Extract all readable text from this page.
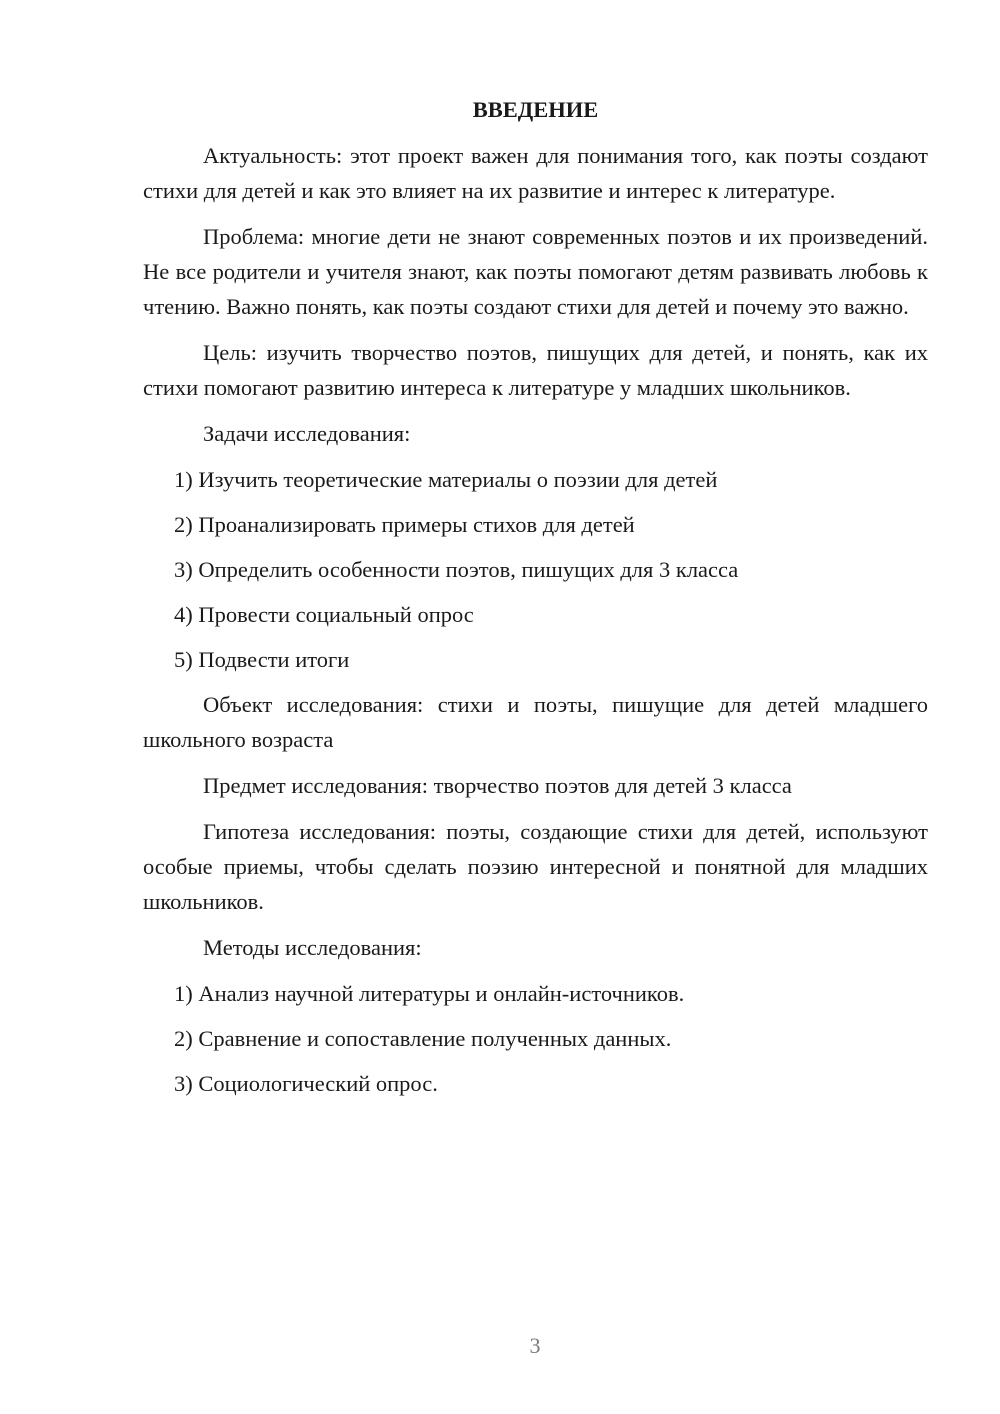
ВВЕДЕНИЕ

Актуальность: этот проект важен для понимания того, как поэты создают стихи для детей и как это влияет на их развитие и интерес к литературе.

Проблема: многие дети не знают современных поэтов и их произведений. Не все родители и учителя знают, как поэты помогают детям развивать любовь к чтению. Важно понять, как поэты создают стихи для детей и почему это важно.

Цель: изучить творчество поэтов, пишущих для детей, и понять, как их стихи помогают развитию интереса к литературе у младших школьников.

Задачи исследования:

1) Изучить теоретические материалы о поэзии для детей
2) Проанализировать примеры стихов для детей
3) Определить особенности поэтов, пишущих для 3 класса
4) Провести социальный опрос
5) Подвести итоги

Объект исследования: стихи и поэты, пишущие для детей младшего школьного возраста

Предмет исследования: творчество поэтов для детей 3 класса

Гипотеза исследования: поэты, создающие стихи для детей, используют особые приемы, чтобы сделать поэзию интересной и понятной для младших школьников.

Методы исследования:

1) Анализ научной литературы и онлайн-источников.
2) Сравнение и сопоставление полученных данных.
3) Социологический опрос.
3
